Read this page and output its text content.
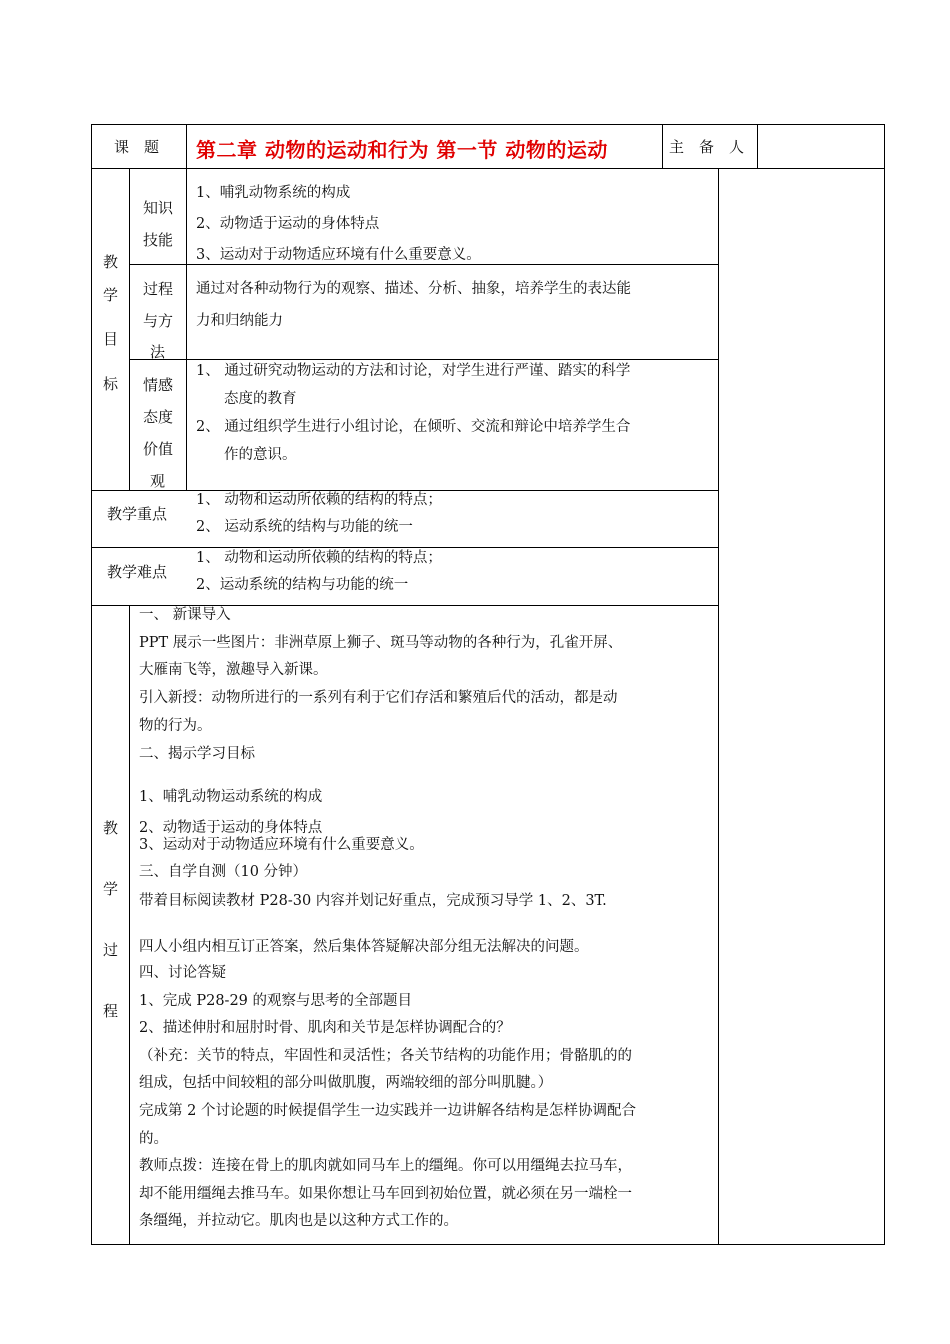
课　题 第二章 动物的运动和行为 第一节 动物的运动	主　备　人
教
学
目
标
知识
技能
1、哺乳动物系统的构成
2、动物适于运动的身体特点
3、运动对于动物适应环境有什么重要意义。
过程
与方
法
通过对各种动物行为的观察、描述、分析、抽象，培养学生的表达能
力和归纳能力
情感
态度
价值
观
1、 通过研究动物运动的方法和讨论，对学生进行严谨、踏实的科学
态度的教育
2、 通过组织学生进行小组讨论，在倾听、交流和辩论中培养学生合
作的意识。
教学重点
1、 动物和运动所依赖的结构的特点；
2、 运动系统的结构与功能的统一
教学难点
1、 动物和运动所依赖的结构的特点；
2、运动系统的结构与功能的统一
教
学
过
程
一、 新课导入
PPT 展示一些图片：非洲草原上狮子、斑马等动物的各种行为，孔雀开屏、
大雁南飞等，激趣导入新课。
引入新授：动物所进行的一系列有利于它们存活和繁殖后代的活动，都是动
物的行为。
二、揭示学习目标
1、哺乳动物运动系统的构成
2、动物适于运动的身体特点
3、运动对于动物适应环境有什么重要意义。
三、自学自测（10 分钟）
带着目标阅读教材 P28-30 内容并划记好重点，完成预习导学 1、2、3T.
四人小组内相互订正答案，然后集体答疑解决部分组无法解决的问题。
四、讨论答疑
1、完成 P28-29 的观察与思考的全部题目
2、描述伸肘和屈肘时骨、肌肉和关节是怎样协调配合的？
（补充：关节的特点，牢固性和灵活性；各关节结构的功能作用；骨骼肌的的
组成，包括中间较粗的部分叫做肌腹，两端较细的部分叫肌腱。）
完成第 2 个讨论题的时候提倡学生一边实践并一边讲解各结构是怎样协调配合
的。
教师点拨：连接在骨上的肌肉就如同马车上的缰绳。你可以用缰绳去拉马车，
却不能用缰绳去推马车。如果你想让马车回到初始位置，就必须在另一端栓一
条缰绳，并拉动它。肌肉也是以这种方式工作的。
